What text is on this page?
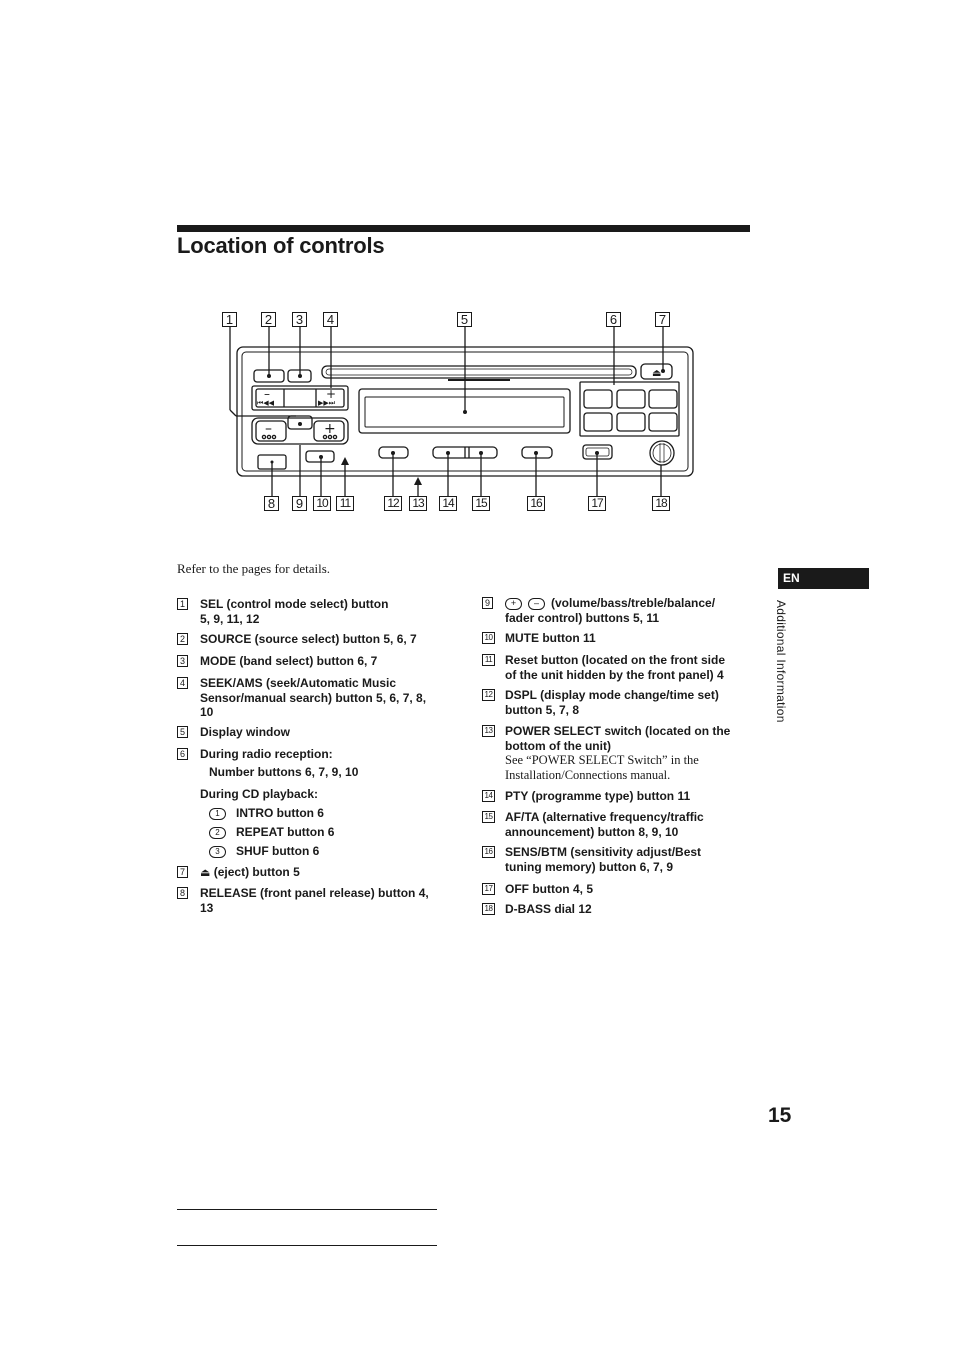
Location of controls
1 2 3 4	5	6	7
8 9	10	11	12 13 14 15	16	17	18
⏏
–	+
⏮◀◀	▶▶⏭
–	+
Refer to the pages for details.
1 SEL (control mode select) button
5, 9, 11, 12
2 SOURCE (source select) button 5, 6, 7
3 MODE (band select) button 6, 7
4 SEEK/AMS (seek/Automatic Music
Sensor/manual search) button 5, 6, 7, 8,
10
5 Display window
6 During radio reception:
Number buttons 6, 7, 9, 10
During CD playback:
1 INTRO button 6
2 REPEAT button 6
3 SHUF button 6
7 ⏏ (eject) button 5
8 RELEASE (front panel release) button 4,
13
9	+ – (volume/bass/treble/balance/
fader control) buttons 5, 11
10 MUTE button 11
11 Reset button (located on the front side
of the unit hidden by the front panel) 4
12 DSPL (display mode change/time set)
button 5, 7, 8
13 POWER SELECT switch (located on the
bottom of the unit)
See “POWER SELECT Switch” in the
Installation/Connections manual.
14 PTY (programme type) button 11
15 AF/TA (alternative frequency/traffic
announcement) button 8, 9, 10
16 SENS/BTM (sensitivity adjust/Best
tuning memory) button 6, 7, 9
17 OFF button 4, 5
18 D-BASS dial 12
EN
Additional Information
15
